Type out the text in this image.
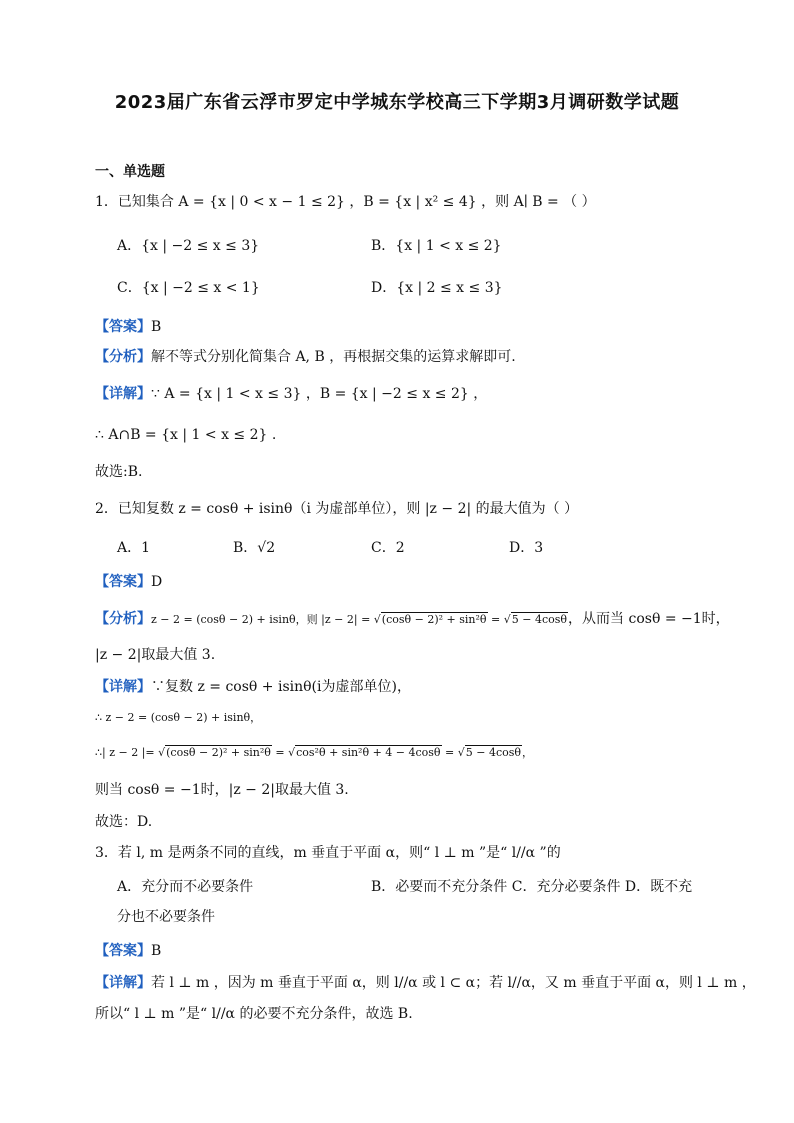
2023届广东省云浮市罗定中学城东学校高三下学期3月调研数学试题
一、单选题
1．已知集合 A = {x | 0 < x − 1 ≤ 2} ，B = {x | x² ≤ 4} ，则 A∣ B = （ ）
A．{x | −2 ≤ x ≤ 3}	B．{x | 1 < x ≤ 2}
C．{x | −2 ≤ x < 1}	D．{x | 2 ≤ x ≤ 3}
【答案】B
【分析】解不等式分别化简集合 A, B ，再根据交集的运算求解即可.
【详解】∵ A = {x | 1 < x ≤ 3} ，B = {x | −2 ≤ x ≤ 2} ，
∴ A∩B = {x | 1 < x ≤ 2} .
故选:B.
2．已知复数 z = cosθ + isinθ（i 为虚部单位），则 |z − 2| 的最大值为（ ）
A．1	B．√2	C．2	D．3
【答案】D
【分析】z − 2 = (cosθ − 2) + isinθ，则 |z − 2| = √(cosθ − 2)² + sin²θ = √5 − 4cosθ，从而当 cosθ = −1时，
|z − 2|取最大值 3.
【详解】∵复数 z = cosθ + isinθ(i为虚部单位)，
∴ z − 2 = (cosθ − 2) + isinθ，
∴| z − 2 |= √(cosθ − 2)² + sin²θ = √cos²θ + sin²θ + 4 − 4cosθ = √5 − 4cosθ，
则当 cosθ = −1时，|z − 2|取最大值 3.
故选：D.
3．若 l, m 是两条不同的直线，m 垂直于平面 α，则“ l ⊥ m ”是“ l//α ”的
A．充分而不必要条件	B．必要而不充分条件 C．充分必要条件 D．既不充
分也不必要条件
【答案】B
【详解】若 l ⊥ m ，因为 m 垂直于平面 α，则 l//α 或 l ⊂ α；若 l//α，又 m 垂直于平面 α，则 l ⊥ m ，
所以“ l ⊥ m ”是“ l//α 的必要不充分条件，故选 B.
